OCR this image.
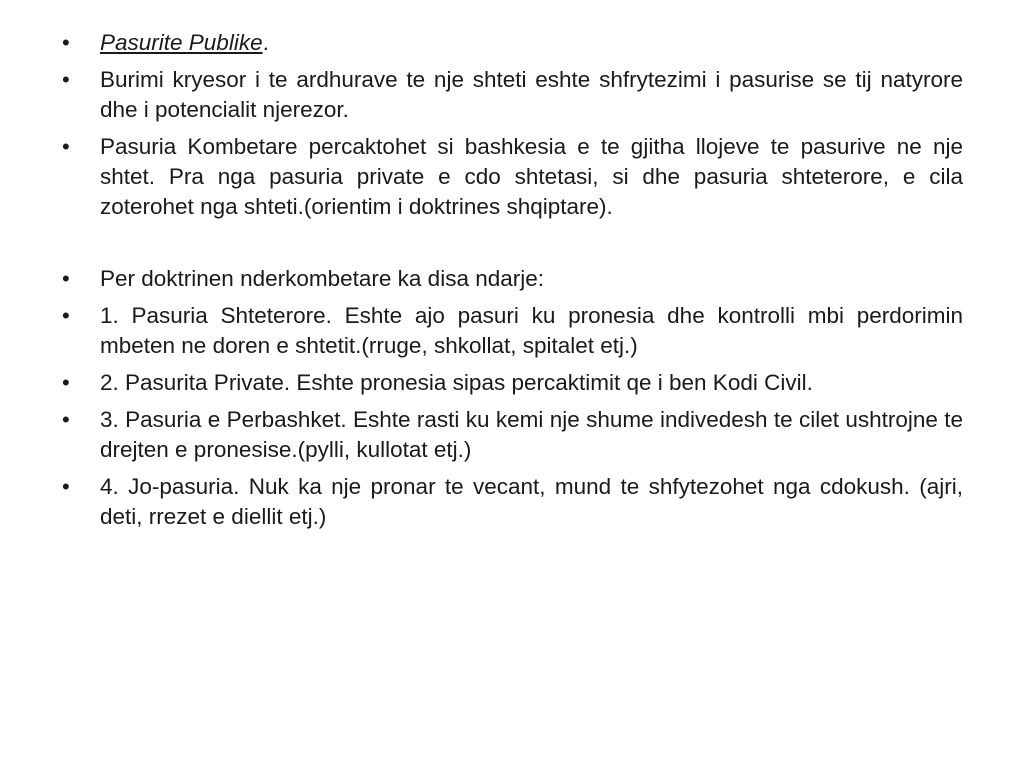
•	Pasurite Publike.
•	Burimi kryesor i te ardhurave te nje shteti eshte shfrytezimi i pasurise se tij natyrore dhe i potencialit njerezor.
•	Pasuria Kombetare percaktohet si bashkesia e te gjitha llojeve te pasurive ne nje shtet. Pra nga pasuria private e cdo shtetasi, si dhe pasuria shteterore, e cila zoterohet nga shteti.(orientim i doktrines shqiptare).
•	Per doktrinen nderkombetare ka disa ndarje:
•	1. Pasuria Shteterore. Eshte ajo pasuri ku pronesia dhe kontrolli mbi perdorimin mbeten ne doren e shtetit.(rruge, shkollat, spitalet etj.)
•	2. Pasurita Private. Eshte pronesia sipas percaktimit qe i ben Kodi Civil.
•	3. Pasuria e Perbashket. Eshte rasti ku kemi nje shume indivedesh te cilet ushtrojne te drejten e pronesise.(pylli, kullotat etj.)
•	4. Jo-pasuria. Nuk ka nje pronar te vecant, mund te shfytezohet nga cdokush. (ajri, deti, rrezet e diellit etj.)
